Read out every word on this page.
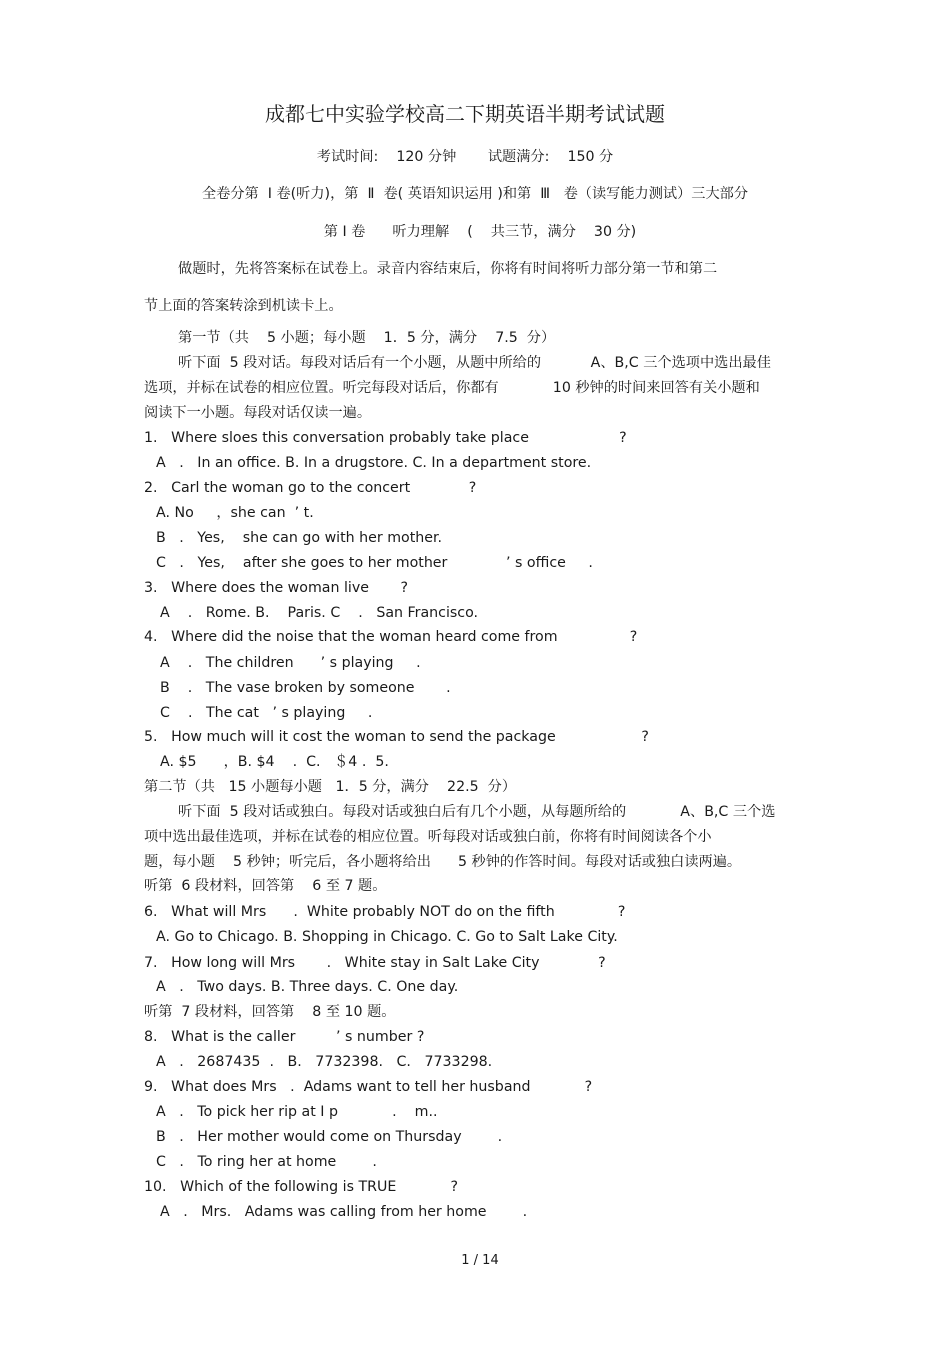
成都七中实验学校高二下期英语半期考试试题
考试时间:    120 分钟       试题满分:    150 分
全卷分第  Ⅰ 卷(听力)，第  Ⅱ  卷( 英语知识运用 )和第  Ⅲ   卷（读写能力测试）三大部分
第 Ⅰ 卷      听力理解    (    共三节，满分    30 分)
做题时，先将答案标在试卷上。录音内容结束后，你将有时间将听力部分第一节和第二
节上面的答案转涂到机读卡上。
第一节（共    5 小题；每小题    1．5 分，满分    7.5  分）
听下面  5 段对话。每段对话后有一个小题，从题中所给的           A、B,C 三个选项中选出最佳
选项，并标在试卷的相应位置。听完每段对话后，你都有            10 秒钟的时间来回答有关小题和
阅读下一小题。每段对话仅读一遍。
1.   Where sloes this conversation probably take place                    ?
A   .   In an office. B. In a drugstore. C. In a department store.
2.   Carl the woman go to the concert             ?
A. No     ，she can  ’ t.
B   .   Yes,    she can go with her mother.
C   .   Yes,    after she goes to her mother             ’ s office     .
3.   Where does the woman live       ?
A    .   Rome. B.    Paris. C    .   San Francisco.
4.   Where did the noise that the woman heard come from                ?
A    .   The children      ’ s playing     .
B    .   The vase broken by someone       .
C    .   The cat   ’ s playing     .
5.   How much will it cost the woman to send the package                   ?
A. $5      ，B. $4    .  C.   ＄4 .  5.
第二节（共   15 小题每小题   1．5 分，满分    22.5  分）
听下面  5 段对话或独白。每段对话或独白后有几个小题，从每题所给的            A、B,C 三个选
项中选出最佳选项，并标在试卷的相应位置。听每段对话或独白前，你将有时间阅读各个小
题，每小题    5 秒钟；听完后，各小题将给出      5 秒钟的作答时间。每段对话或独白读两遍。
听第  6 段材料，回答第    6 至 7 题。
6.   What will Mrs      .  White probably NOT do on the fifth              ?
A. Go to Chicago. B. Shopping in Chicago. C. Go to Salt Lake City.
7.   How long will Mrs       .   White stay in Salt Lake City             ?
A   .   Two days. B. Three days. C. One day.
听第  7 段材料，回答第    8 至 10 题。
8.   What is the caller         ’ s number ?
A   .   2687435  .   B.   7732398.   C.   7733298.
9.   What does Mrs   .  Adams want to tell her husband            ?
A   .   To pick her rip at I p            .    m..
B   .   Her mother would come on Thursday        .
C   .   To ring her at home        .
10.   Which of the following is TRUE            ?
A   .   Mrs.   Adams was calling from her home        .
1 / 14
